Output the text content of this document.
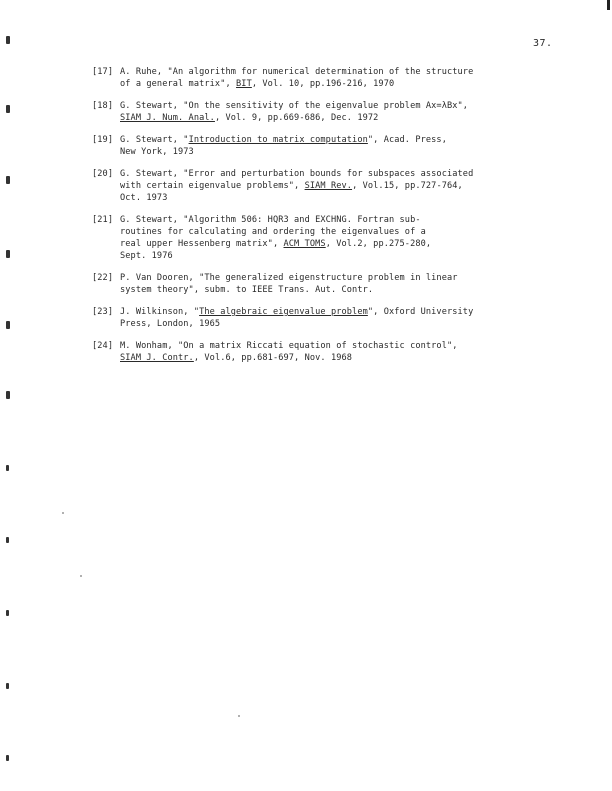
37.
[17] A. Ruhe, "An algorithm for numerical determination of the structure
of a general matrix", BIT, Vol. 10, pp.196-216, 1970
[18] G. Stewart, "On the sensitivity of the eigenvalue problem Ax=λBx",
SIAM J. Num. Anal., Vol. 9, pp.669-686, Dec. 1972
[19] G. Stewart, "Introduction to matrix computation", Acad. Press,
New York, 1973
[20] G. Stewart, "Error and perturbation bounds for subspaces associated
with certain eigenvalue problems", SIAM Rev., Vol.15, pp.727-764,
Oct. 1973
[21] G. Stewart, "Algorithm 506: HQR3 and EXCHNG. Fortran sub-
routines for calculating and ordering the eigenvalues of a
real upper Hessenberg matrix", ACM TOMS, Vol.2, pp.275-280,
Sept. 1976
[22] P. Van Dooren, "The generalized eigenstructure problem in linear
system theory", subm. to IEEE Trans. Aut. Contr.
[23] J. Wilkinson, "The algebraic eigenvalue problem", Oxford University
Press, London, 1965
[24] M. Wonham, "On a matrix Riccati equation of stochastic control",
SIAM J. Contr., Vol.6, pp.681-697, Nov. 1968
